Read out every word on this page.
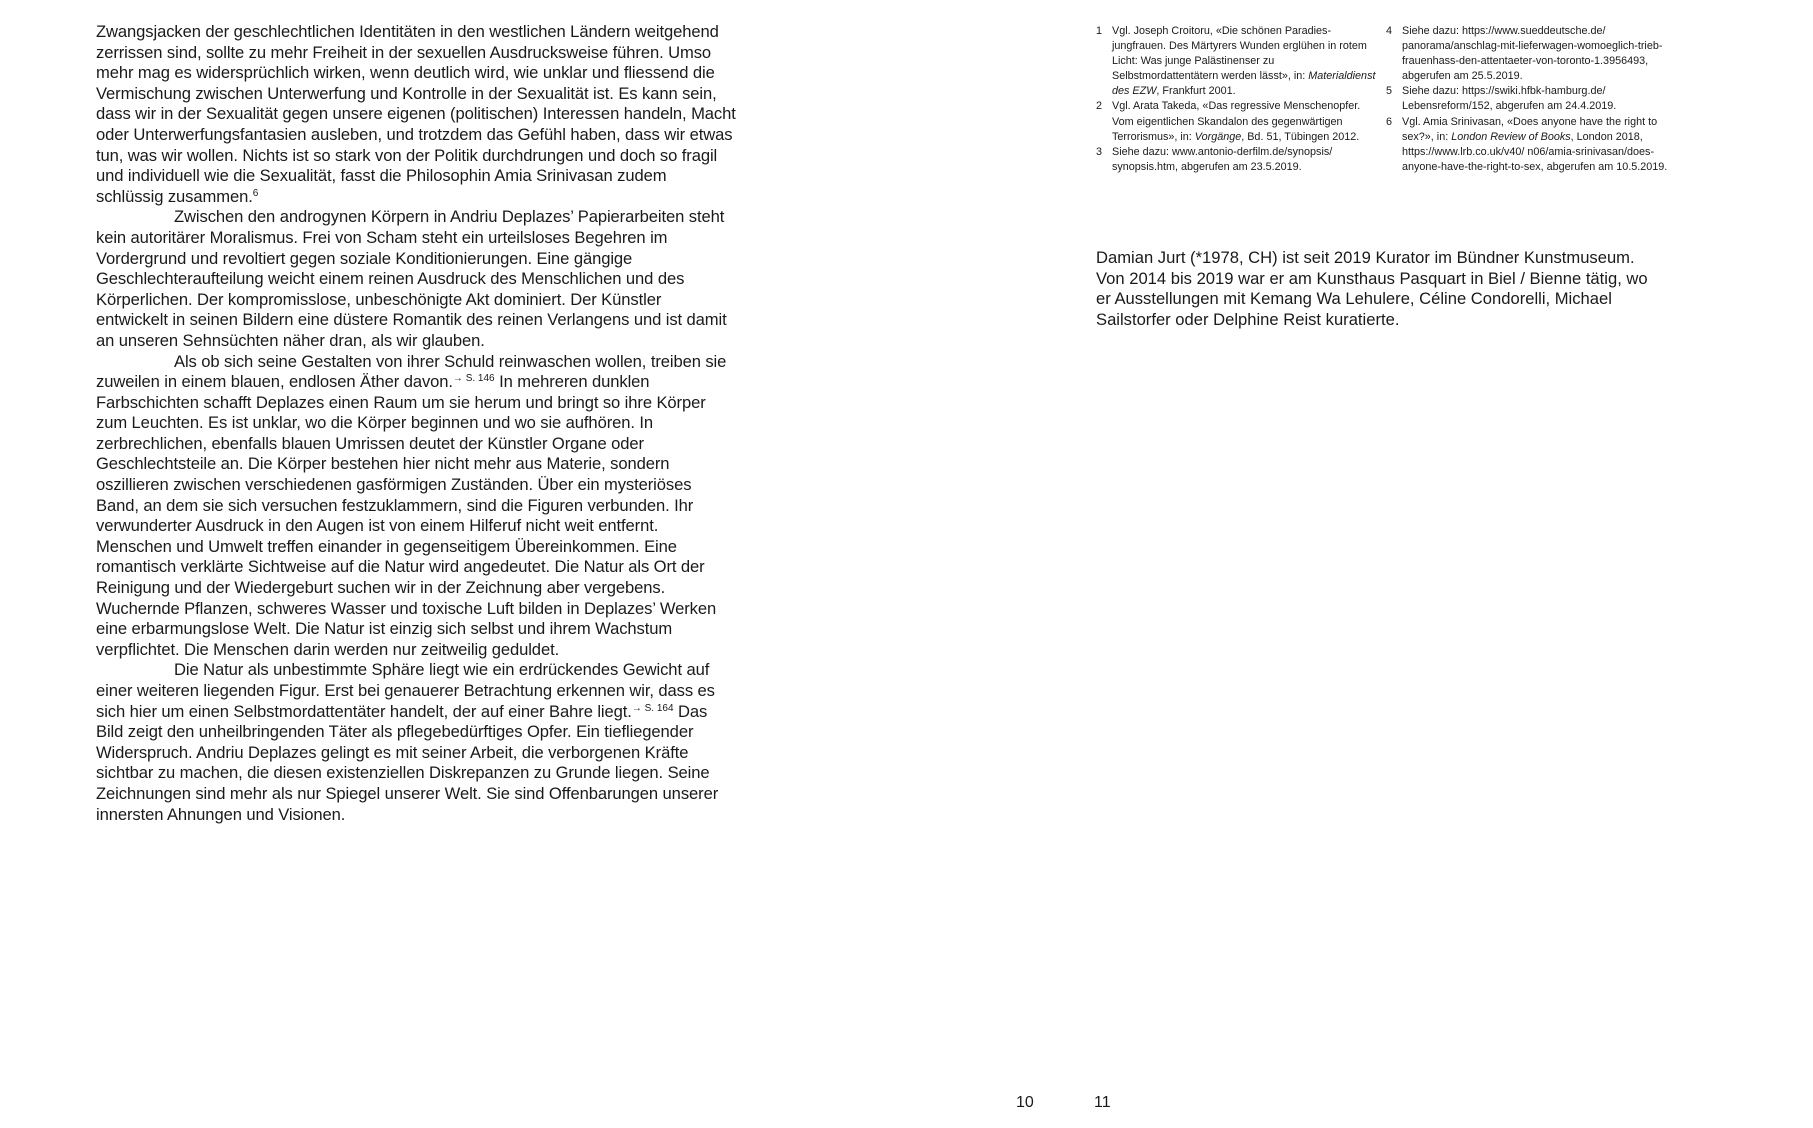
Zwangsjacken der geschlechtlichen Identitäten in den westlichen Ländern weitgehend zerrissen sind, sollte zu mehr Freiheit in der sexuellen Ausdrucksweise führen. Umso mehr mag es widersprüchlich wirken, wenn deutlich wird, wie unklar und fliessend die Vermischung zwischen Unterwerfung und Kontrolle in der Sexualität ist. Es kann sein, dass wir in der Sexualität gegen unsere eigenen (politischen) Interessen handeln, Macht oder Unterwerfungsfantasien ausleben, und trotzdem das Gefühl haben, dass wir etwas tun, was wir wollen. Nichts ist so stark von der Politik durchdrungen und doch so fragil und individuell wie die Sexualität, fasst die Philosophin Amia Srinivasan zudem schlüssig zusammen.$^6$

Zwischen den androgynen Körpern in Andriu Deplazes’ Papierarbeiten steht kein autoritärer Moralismus. Frei von Scham steht ein urteilsloses Begehren im Vordergrund und revoltiert gegen soziale Konditionierungen. Eine gängige Geschlechteraufteilung weicht einem reinen Ausdruck des Menschlichen und des Körperlichen. Der kompromisslose, unbeschönigte Akt dominiert. Der Künstler entwickelt in seinen Bildern eine düstere Romantik des reinen Verlangens und ist damit an unseren Sehnsüchten näher dran, als wir glauben.

Als ob sich seine Gestalten von ihrer Schuld reinwaschen wollen, treiben sie zuweilen in einem blauen, endlosen Äther davon.$^{\to S. 146}$ In mehreren dunklen Farbschichten schafft Deplazes einen Raum um sie herum und bringt so ihre Körper zum Leuchten. Es ist unklar, wo die Körper beginnen und wo sie aufhören. In zerbrechlichen, ebenfalls blauen Umrissen deutet der Künstler Organe oder Geschlechtsteile an. Die Körper bestehen hier nicht mehr aus Materie, sondern oszillieren zwischen verschiedenen gasförmigen Zuständen. Über ein mysteriöses Band, an dem sie sich versuchen festzuklammern, sind die Figuren verbunden. Ihr verwunderter Ausdruck in den Augen ist von einem Hilferuf nicht weit entfernt. Menschen und Umwelt treffen einander in gegenseitigem Übereinkommen. Eine romantisch verklärte Sichtweise auf die Natur wird angedeutet. Die Natur als Ort der Reinigung und der Wiedergeburt suchen wir in der Zeichnung aber vergebens. Wuchernde Pflanzen, schweres Wasser und toxische Luft bilden in Deplazes’ Werken eine erbarmungslose Welt. Die Natur ist einzig sich selbst und ihrem Wachstum verpflichtet. Die Menschen darin werden nur zeitweilig geduldet.

Die Natur als unbestimmte Sphäre liegt wie ein erdrückendes Gewicht auf einer weiteren liegenden Figur. Erst bei genauerer Betrachtung erkennen wir, dass es sich hier um einen Selbstmordattentäter handelt, der auf einer Bahre liegt.$^{\to S. 164}$ Das Bild zeigt den unheilbringenden Täter als pflegebedürftiges Opfer. Ein tiefliegender Widerspruch. Andriu Deplazes gelingt es mit seiner Arbeit, die verborgenen Kräfte sichtbar zu machen, die diesen existenziellen Diskrepanzen zu Grunde liegen. Seine Zeichnungen sind mehr als nur Spiegel unserer Welt. Sie sind Offenbarungen unserer innersten Ahnungen und Visionen.

1 Vgl. Joseph Croitoru, «Die schönen Paradiesjungfrauen. Des Märtyrers Wunden erglühen in rotem Licht: Was junge Palästinenser zu Selbstmordattentätern werden lässt», in: Materialdienst des EZW, Frankfurt 2001.
2 Vgl. Arata Takeda, «Das regressive Menschenopfer. Vom eigentlichen Skandalon des gegenwärtigen Terrorismus», in: Vorgänge, Bd. 51, Tübingen 2012.
3 Siehe dazu: www.antonio-derfilm.de/synopsis/ synopsis.htm, abgerufen am 23.5.2019.
4 Siehe dazu: https://www.sueddeutsche.de/ panorama/anschlag-mit-lieferwagen-womoeglich-trieb-frauenhass-den-attentaeter-von-toronto-1.3956493, abgerufen am 25.5.2019.
5 Siehe dazu: https://swiki.hfbk-hamburg.de/ Lebensreform/152, abgerufen am 24.4.2019.
6 Vgl. Amia Srinivasan, «Does anyone have the right to sex?», in: London Review of Books, London 2018, https://www.lrb.co.uk/v40/ n06/amia-srinivasan/does-anyone-have-the-right-to-sex, abgerufen am 10.5.2019.

Damian Jurt (*1978, CH) ist seit 2019 Kurator im Bündner Kunstmuseum. Von 2014 bis 2019 war er am Kunsthaus Pasquart in Biel / Bienne tätig, wo er Ausstellungen mit Kemang Wa Lehulere, Céline Condorelli, Michael Sailstorfer oder Delphine Reist kuratierte.

10	11
